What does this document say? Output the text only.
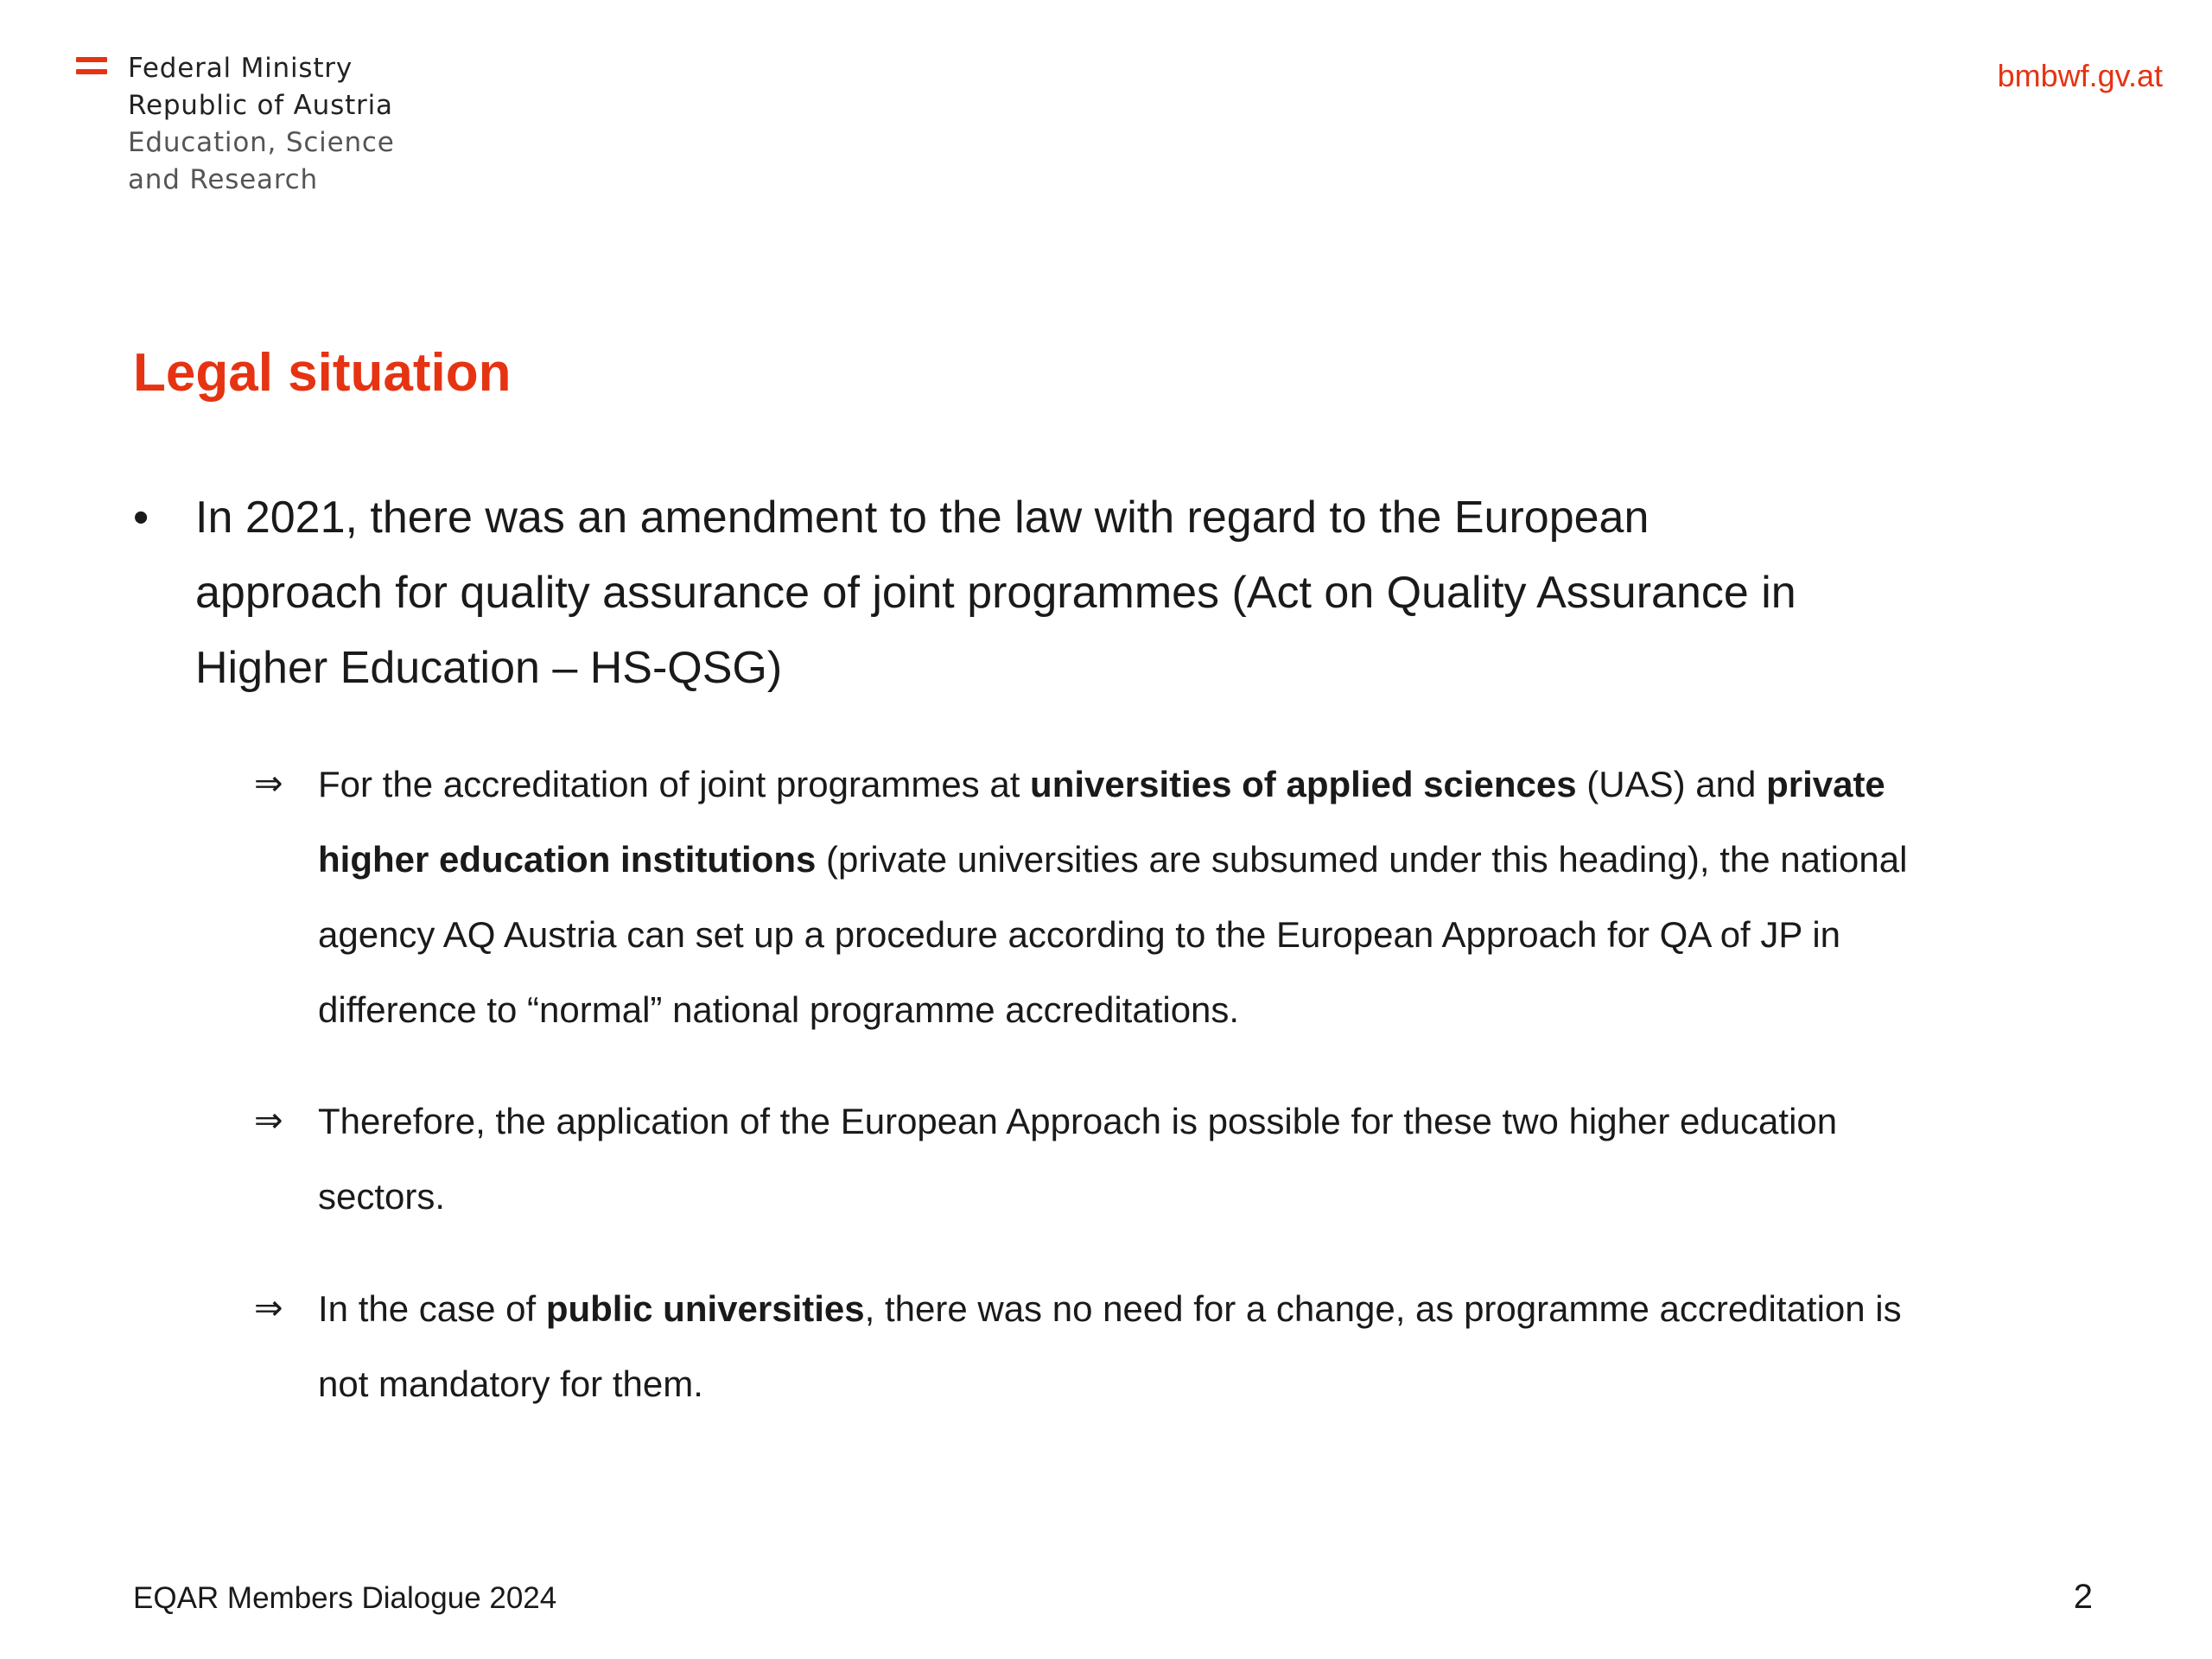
Federal Ministry
Republic of Austria
Education, Science
and Research
bmbwf.gv.at
Legal situation
•	In 2021, there was an amendment to the law with regard to the European
approach for quality assurance of joint programmes (Act on Quality Assurance in
Higher Education – HS-QSG)
⇒ For the accreditation of joint programmes at universities of applied sciences (UAS) and private
higher education institutions (private universities are subsumed under this heading), the national
agency AQ Austria can set up a procedure according to the European Approach for QA of JP in
difference to “normal” national programme accreditations.
⇒ Therefore, the application of the European Approach is possible for these two higher education
sectors.
⇒ In the case of public universities, there was no need for a change, as programme accreditation is
not mandatory for them.
EQAR Members Dialogue 2024	2
